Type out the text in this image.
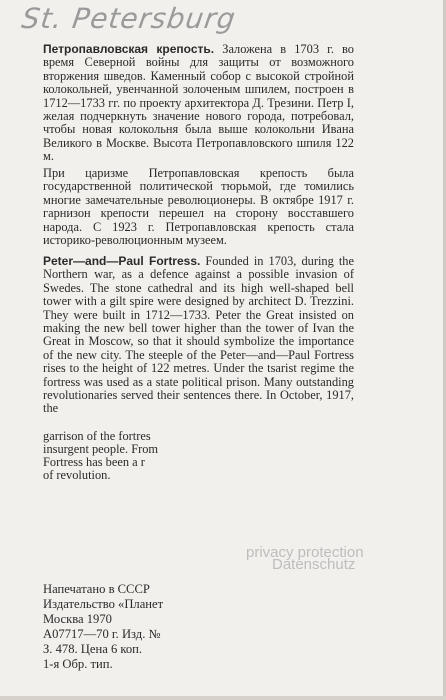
St. Petersburg

Петропавловская крепость. Заложена в 1703 г. во время Северной войны для защиты от возможного вторжения шведов. Каменный собор с высокой стройной колокольней, увенчанной золоченым шпилем, построен в 1712—1733 гг. по проекту архитектора Д. Трезини. Петр I, желая подчеркнуть значение нового города, потребовал, чтобы новая колокольня была выше колокольни Ивана Великого в Москве. Высота Петропавловского шпиля 122 м.

При царизме Петропавловская крепость была государственной политической тюрьмой, где томились многие замечательные революционеры. В октябре 1917 г. гарнизон крепости перешел на сторону восставшего народа. С 1923 г. Петропавловская крепость стала историко-революционным музеем.

Peter—and—Paul Fortress. Founded in 1703, during the Northern war, as a defence against a possible invasion of Swedes. The stone cathedral and its high well-shaped bell tower with a gilt spire were designed by architect D. Trezzini. They were built in 1712—1733. Peter the Great insisted on making the new bell tower higher than the tower of Ivan the Great in Moscow, so that it should symbolize the importance of the new city. The steeple of the Peter—and—Paul Fortress rises to the height of 122 metres. Under the tsarist regime the fortress was used as a state political prison. Many outstanding revolutionaries served their sentences there. In October, 1917, the

garrison of the fortres

insurgent people. From

Fortress has been a r

of revolution.

privacy protection

Datenschutz

Напечатано в СССР

Издательство «Планет

Москва 1970

А07717—70 г. Изд. №

З. 478. Цена 6 коп.

1-я Обр. тип.
